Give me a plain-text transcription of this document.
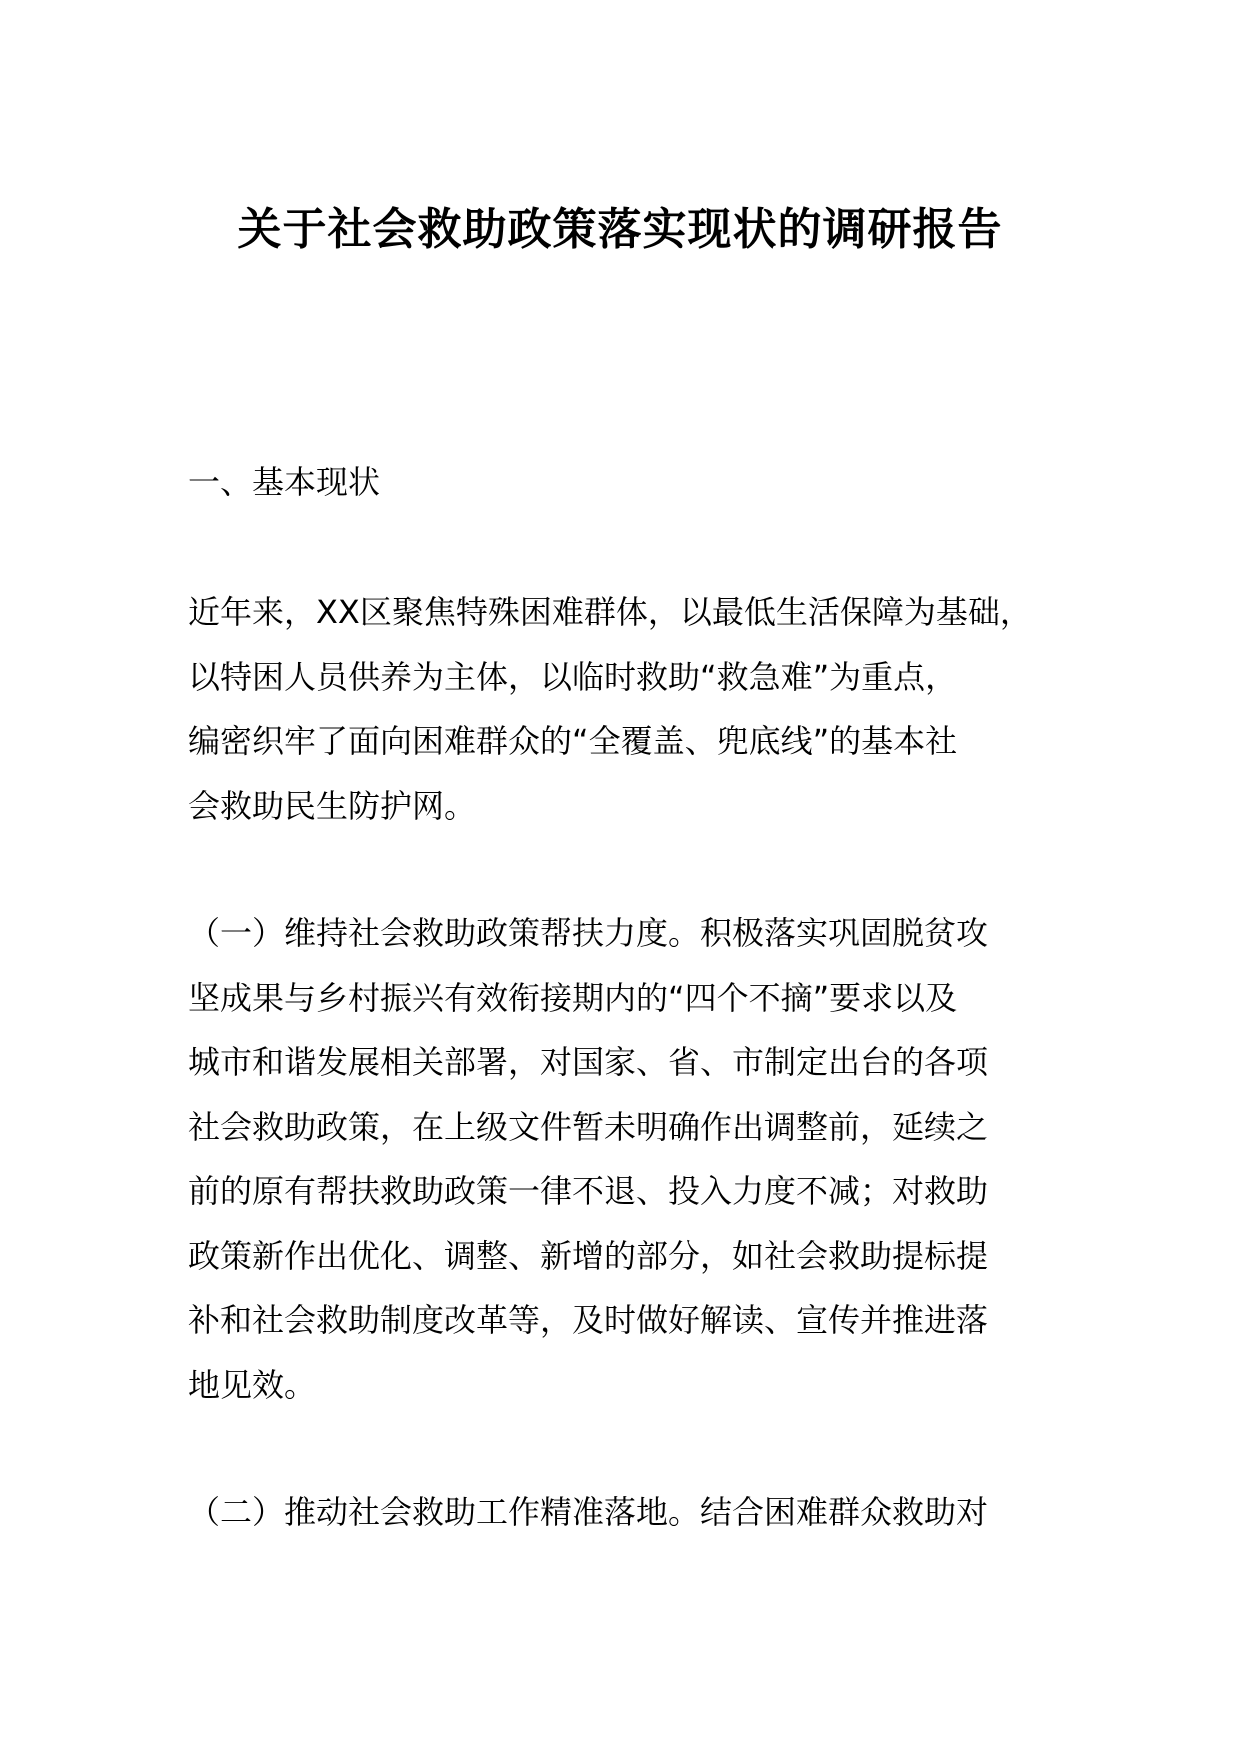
关于社会救助政策落实现状的调研报告

一、基本现状

近年来，XX区聚焦特殊困难群体，以最低生活保障为基础，
以特困人员供养为主体，以临时救助“救急难”为重点，
编密织牢了面向困难群众的“全覆盖、兜底线”的基本社
会救助民生防护网。

（一）维持社会救助政策帮扶力度。积极落实巩固脱贫攻
坚成果与乡村振兴有效衔接期内的“四个不摘”要求以及
城市和谐发展相关部署，对国家、省、市制定出台的各项
社会救助政策，在上级文件暂未明确作出调整前，延续之
前的原有帮扶救助政策一律不退、投入力度不减；对救助
政策新作出优化、调整、新增的部分，如社会救助提标提
补和社会救助制度改革等，及时做好解读、宣传并推进落
地见效。

（二）推动社会救助工作精准落地。结合困难群众救助对
